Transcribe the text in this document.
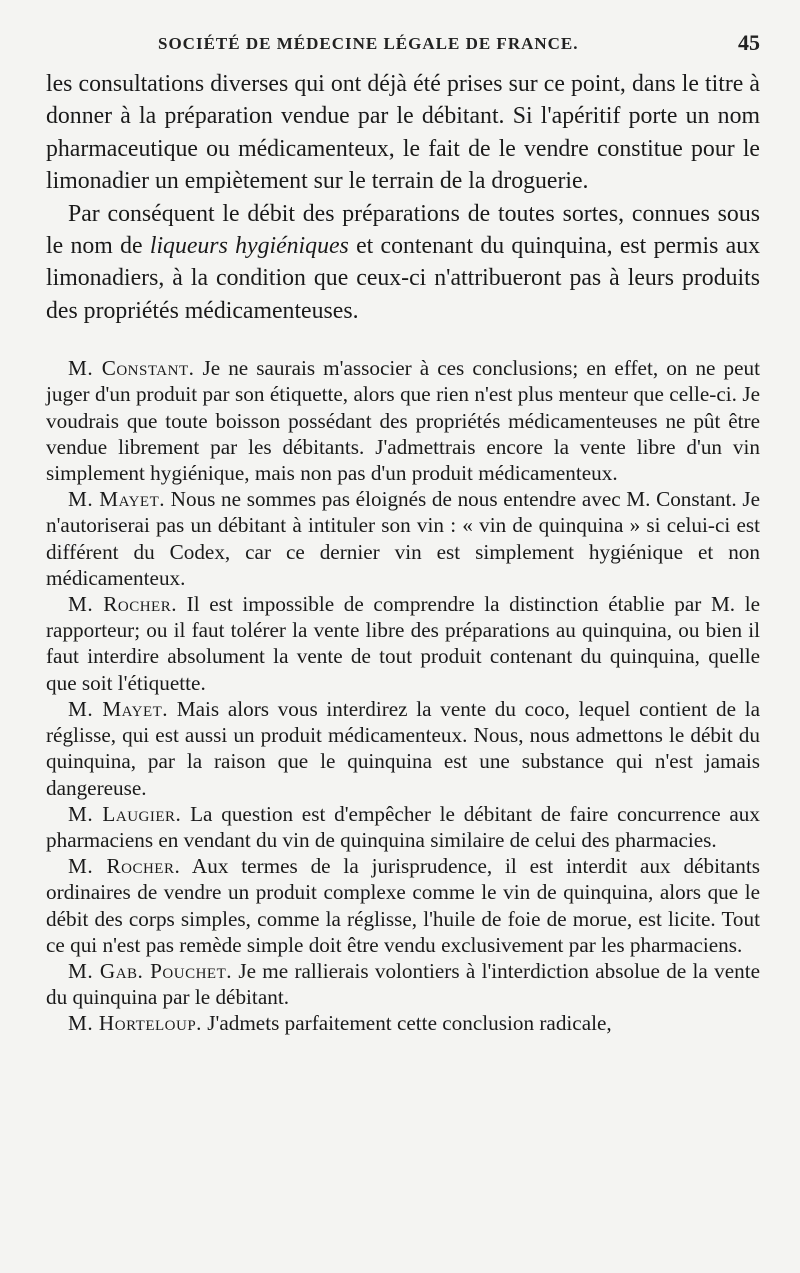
SOCIÉTÉ DE MÉDECINE LÉGALE DE FRANCE.	45

les consultations diverses qui ont déjà été prises sur ce point, dans le titre à donner à la préparation vendue par le débitant. Si l'apéritif porte un nom pharmaceutique ou médicamenteux, le fait de le vendre constitue pour le limonadier un empiètement sur le terrain de la droguerie.

Par conséquent le débit des préparations de toutes sortes, connues sous le nom de liqueurs hygiéniques et contenant du quinquina, est permis aux limonadiers, à la condition que ceux-ci n'attribueront pas à leurs produits des propriétés médicamenteuses.

M. Constant. Je ne saurais m'associer à ces conclusions; en effet, on ne peut juger d'un produit par son étiquette, alors que rien n'est plus menteur que celle-ci. Je voudrais que toute boisson possédant des propriétés médicamenteuses ne pût être vendue librement par les débitants. J'admettrais encore la vente libre d'un vin simplement hygiénique, mais non pas d'un produit médicamenteux.

M. Mayet. Nous ne sommes pas éloignés de nous entendre avec M. Constant. Je n'autoriserai pas un débitant à intituler son vin : « vin de quinquina » si celui-ci est différent du Codex, car ce dernier vin est simplement hygiénique et non médicamenteux.

M. Rocher. Il est impossible de comprendre la distinction établie par M. le rapporteur; ou il faut tolérer la vente libre des préparations au quinquina, ou bien il faut interdire absolument la vente de tout produit contenant du quinquina, quelle que soit l'étiquette.

M. Mayet. Mais alors vous interdirez la vente du coco, lequel contient de la réglisse, qui est aussi un produit médicamenteux. Nous, nous admettons le débit du quinquina, par la raison que le quinquina est une substance qui n'est jamais dangereuse.

M. Laugier. La question est d'empêcher le débitant de faire concurrence aux pharmaciens en vendant du vin de quinquina similaire de celui des pharmacies.

M. Rocher. Aux termes de la jurisprudence, il est interdit aux débitants ordinaires de vendre un produit complexe comme le vin de quinquina, alors que le débit des corps simples, comme la réglisse, l'huile de foie de morue, est licite. Tout ce qui n'est pas remède simple doit être vendu exclusivement par les pharmaciens.

M. Gab. Pouchet. Je me rallierais volontiers à l'interdiction absolue de la vente du quinquina par le débitant.

M. Horteloup. J'admets parfaitement cette conclusion radicale,
